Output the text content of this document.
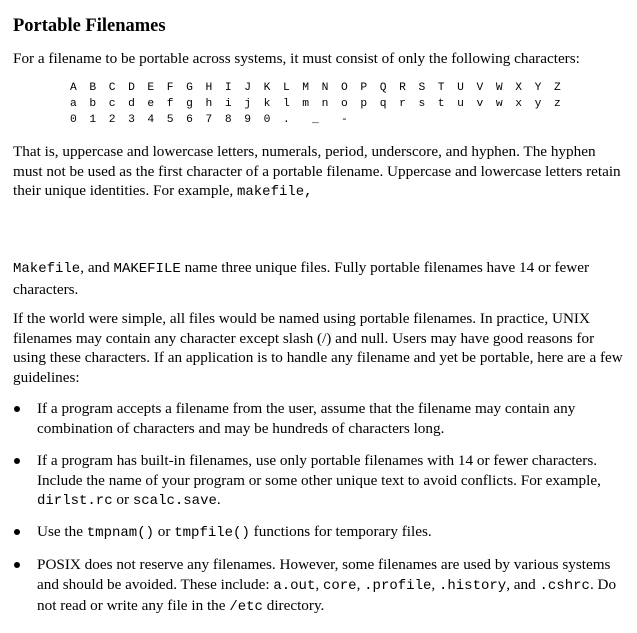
Portable Filenames

For a filename to be portable across systems, it must consist of only the following characters:

A B C D E F G H I J K L M N O P Q R S T U V W X Y Z
a b c d e f g h i j k l m n o p q r s t u v w x y z
0 1 2 3 4 5 6 7 8 9 0 .  _  -

That is, uppercase and lowercase letters, numerals, period, underscore, and hyphen. The hyphen must not be used as the first character of a portable filename. Uppercase and lowercase letters retain their unique identities. For example, makefile,

Makefile, and MAKEFILE name three unique files. Fully portable filenames have 14 or fewer characters.

If the world were simple, all files would be named using portable filenames. In practice, UNIX filenames may contain any character except slash (/) and null. Users may have good reasons for using these characters. If an application is to handle any filename and yet be portable, here are a few guidelines:

If a program accepts a filename from the user, assume that the filename may contain any combination of characters and may be hundreds of characters long.
If a program has built-in filenames, use only portable filenames with 14 or fewer characters. Include the name of your program or some other unique text to avoid conflicts. For example, dirlst.rc or scalc.save.
Use the tmpnam() or tmpfile() functions for temporary files.
POSIX does not reserve any filenames. However, some filenames are used by various systems and should be avoided. These include: a.out, core, .profile, .history, and .cshrc. Do not read or write any file in the /etc directory.
